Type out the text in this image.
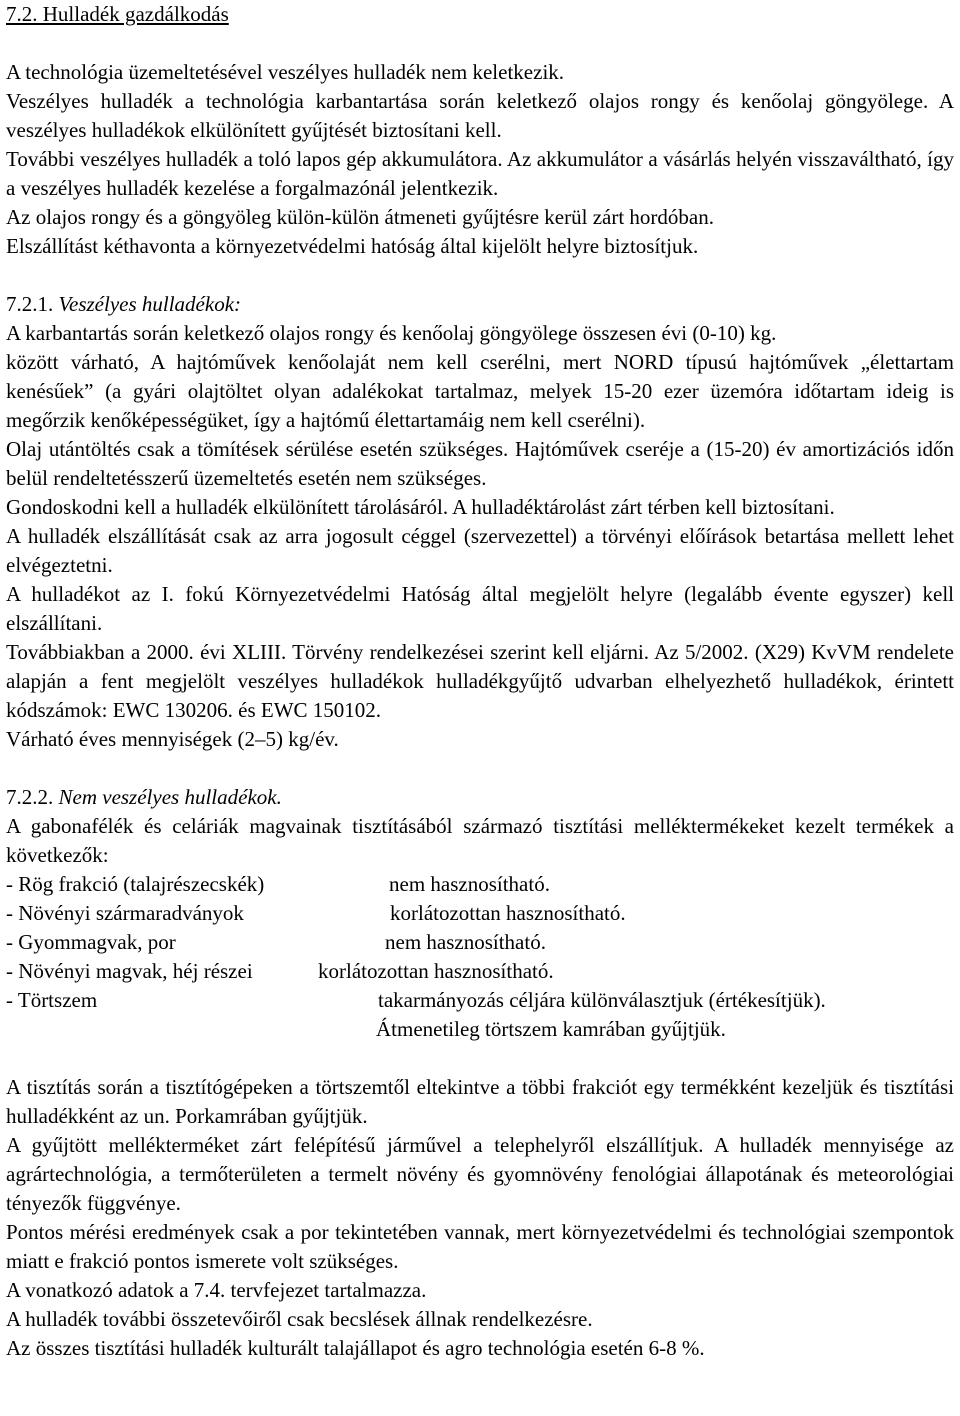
7.2. Hulladék gazdálkodás

A technológia üzemeltetésével veszélyes hulladék nem keletkezik.

Veszélyes hulladék a technológia karbantartása során keletkező olajos rongy és kenőolaj göngyölege. A veszélyes hulladékok elkülönített gyűjtését biztosítani kell.

További veszélyes hulladék a toló lapos gép akkumulátora. Az akkumulátor a vásárlás helyén visszaváltható, így a veszélyes hulladék kezelése a forgalmazónál jelentkezik.

Az olajos rongy és a göngyöleg külön-külön átmeneti gyűjtésre kerül zárt hordóban.

Elszállítást kéthavonta a környezetvédelmi hatóság által kijelölt helyre biztosítjuk.

7.2.1. Veszélyes hulladékok:

A karbantartás során keletkező olajos rongy és kenőolaj göngyölege összesen évi (0-10) kg.

között várható, A hajtóművek kenőolaját nem kell cserélni, mert NORD típusú hajtóművek „élettartam kenésűek” (a gyári olajtöltet olyan adalékokat tartalmaz, melyek 15-20 ezer üzemóra időtartam ideig is megőrzik kenőképességüket, így a hajtómű élettartamáig nem kell cserélni).

Olaj utántöltés csak a tömítések sérülése esetén szükséges. Hajtóművek cseréje a (15-20) év amortizációs időn belül rendeltetésszerű üzemeltetés esetén nem szükséges.

Gondoskodni kell a hulladék elkülönített tárolásáról. A hulladéktárolást zárt térben kell biztosítani.

A hulladék elszállítását csak az arra jogosult céggel (szervezettel) a törvényi előírások betartása mellett lehet elvégeztetni.

A hulladékot az I. fokú Környezetvédelmi Hatóság által megjelölt helyre (legalább évente egyszer) kell elszállítani.

Továbbiakban a 2000. évi XLIII. Törvény rendelkezései szerint kell eljárni. Az 5/2002. (X29) KvVM rendelete alapján a fent megjelölt veszélyes hulladékok hulladékgyűjtő udvarban elhelyezhető hulladékok, érintett kódszámok: EWC 130206. és EWC 150102.

Várható éves mennyiségek (2–5) kg/év.

7.2.2. Nem veszélyes hulladékok.

A gabonafélék és celáriák magvainak tisztításából származó tisztítási melléktermékeket kezelt termékek a következők:

- Rög frakció (talajrészecskék)	nem hasznosítható.
- Növényi szármaradványok	korlátozottan hasznosítható.
- Gyommagvak, por	nem hasznosítható.
- Növényi magvak, héj részei	korlátozottan hasznosítható.
- Törtszem	takarmányozás céljára különválasztjuk (értékesítjük).
Átmenetileg törtszem kamrában gyűjtjük.

A tisztítás során a tisztítógépeken a törtszemtől eltekintve a többi frakciót egy termékként kezeljük és tisztítási hulladékként az un. Porkamrában gyűjtjük.

A gyűjtött mellékterméket zárt felépítésű járművel a telephelyről elszállítjuk. A hulladék mennyisége az agrártechnológia, a termőterületen a termelt növény és gyomnövény fenológiai állapotának és meteorológiai tényezők függvénye.

Pontos mérési eredmények csak a por tekintetében vannak, mert környezetvédelmi és technológiai szempontok miatt e frakció pontos ismerete volt szükséges.

A vonatkozó adatok a 7.4. tervfejezet tartalmazza.

A hulladék további összetevőiről csak becslések állnak rendelkezésre.

Az összes tisztítási hulladék kulturált talajállapot és agro technológia esetén 6-8 %.
